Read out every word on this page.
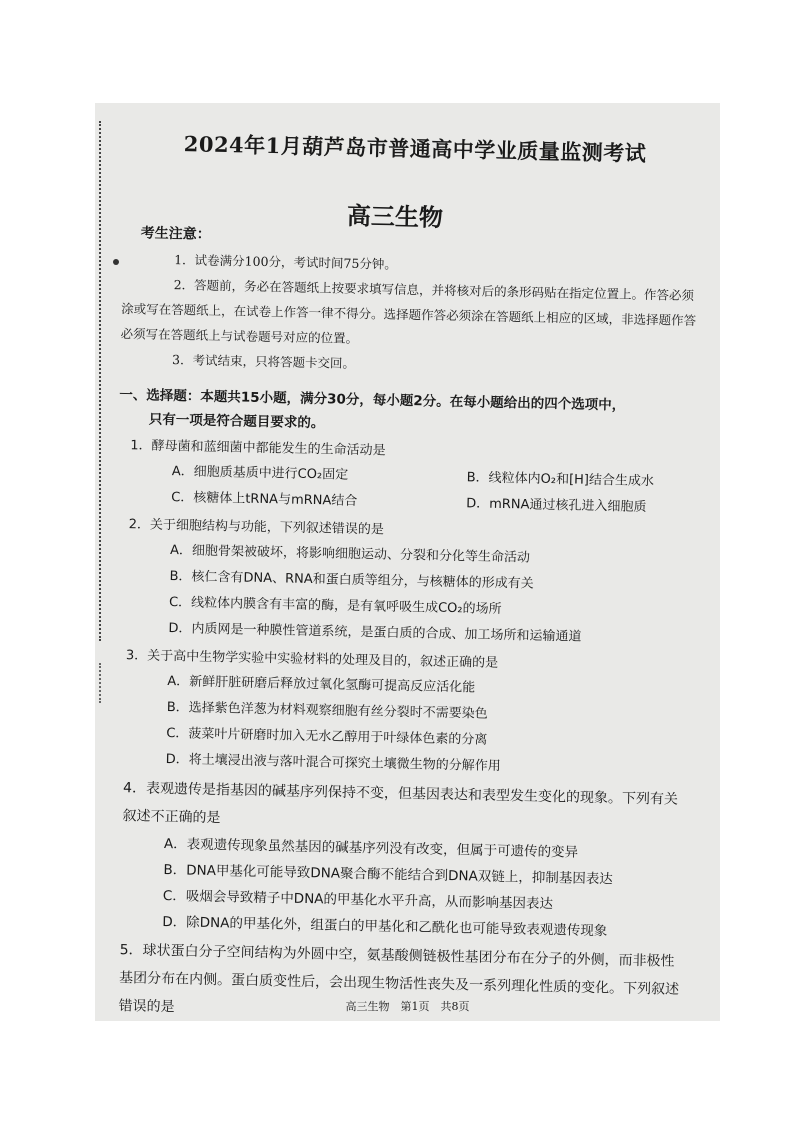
2024年1月葫芦岛市普通高中学业质量监测考试
高三生物
考生注意：
1．试卷满分100分，考试时间75分钟。
2．答题前，务必在答题纸上按要求填写信息，并将核对后的条形码贴在指定位置上。作答必须涂或写在答题纸上，在试卷上作答一律不得分。选择题作答必须涂在答题纸上相应的区域，非选择题作答必须写在答题纸上与试卷题号对应的位置。
3．考试结束，只将答题卡交回。
一、选择题：本题共15小题，满分30分，每小题2分。在每小题给出的四个选项中，
只有一项是符合题目要求的。
1．酵母菌和蓝细菌中都能发生的生命活动是
A．细胞质基质中进行CO₂固定	B．线粒体内O₂和[H]结合生成水
C．核糖体上tRNA与mRNA结合	D．mRNA通过核孔进入细胞质
2．关于细胞结构与功能，下列叙述错误的是
A．细胞骨架被破坏，将影响细胞运动、分裂和分化等生命活动
B．核仁含有DNA、RNA和蛋白质等组分，与核糖体的形成有关
C．线粒体内膜含有丰富的酶，是有氧呼吸生成CO₂的场所
D．内质网是一种膜性管道系统，是蛋白质的合成、加工场所和运输通道
3．关于高中生物学实验中实验材料的处理及目的，叙述正确的是
A．新鲜肝脏研磨后释放过氧化氢酶可提高反应活化能
B．选择紫色洋葱为材料观察细胞有丝分裂时不需要染色
C．菠菜叶片研磨时加入无水乙醇用于叶绿体色素的分离
D．将土壤浸出液与落叶混合可探究土壤微生物的分解作用
4．表观遗传是指基因的碱基序列保持不变，但基因表达和表型发生变化的现象。下列有关叙述不正确的是
A．表观遗传现象虽然基因的碱基序列没有改变，但属于可遗传的变异
B．DNA甲基化可能导致DNA聚合酶不能结合到DNA双链上，抑制基因表达
C．吸烟会导致精子中DNA的甲基化水平升高，从而影响基因表达
D．除DNA的甲基化外，组蛋白的甲基化和乙酰化也可能导致表观遗传现象
5．球状蛋白分子空间结构为外圆中空，氨基酸侧链极性基团分布在分子的外侧，而非极性基团分布在内侧。蛋白质变性后，会出现生物活性丧失及一系列理化性质的变化。下列叙述错误的是	高三生物　第1页　共8页
